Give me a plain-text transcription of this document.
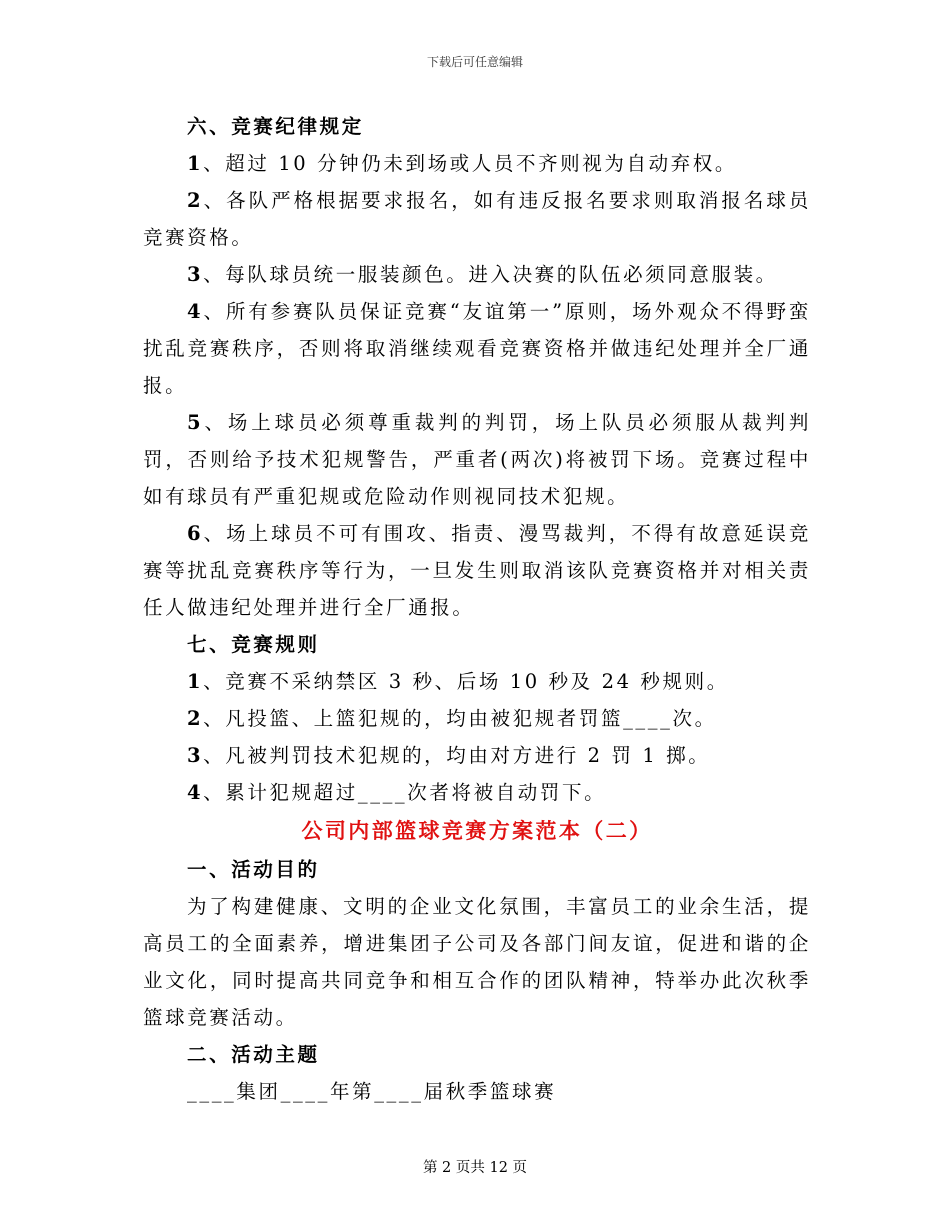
下载后可任意编辑

六、竞赛纪律规定

1、超过 10 分钟仍未到场或人员不齐则视为自动弃权。

2、各队严格根据要求报名，如有违反报名要求则取消报名球员竞赛资格。

3、每队球员统一服装颜色。进入决赛的队伍必须同意服装。

4、所有参赛队员保证竞赛“友谊第一”原则，场外观众不得野蛮扰乱竞赛秩序，否则将取消继续观看竞赛资格并做违纪处理并全厂通报。

5、场上球员必须尊重裁判的判罚，场上队员必须服从裁判判罚，否则给予技术犯规警告，严重者(两次)将被罚下场。竞赛过程中如有球员有严重犯规或危险动作则视同技术犯规。

6、场上球员不可有围攻、指责、漫骂裁判，不得有故意延误竞赛等扰乱竞赛秩序等行为，一旦发生则取消该队竞赛资格并对相关责任人做违纪处理并进行全厂通报。

七、竞赛规则

1、竞赛不采纳禁区 3 秒、后场 10 秒及 24 秒规则。

2、凡投篮、上篮犯规的，均由被犯规者罚篮____次。

3、凡被判罚技术犯规的，均由对方进行 2 罚 1 掷。

4、累计犯规超过____次者将被自动罚下。

公司内部篮球竞赛方案范本（二）

一、活动目的

为了构建健康、文明的企业文化氛围，丰富员工的业余生活，提高员工的全面素养，增进集团子公司及各部门间友谊，促进和谐的企业文化，同时提高共同竞争和相互合作的团队精神，特举办此次秋季篮球竞赛活动。

二、活动主题

____集团____年第____届秋季篮球赛

第 2 页共 12 页
